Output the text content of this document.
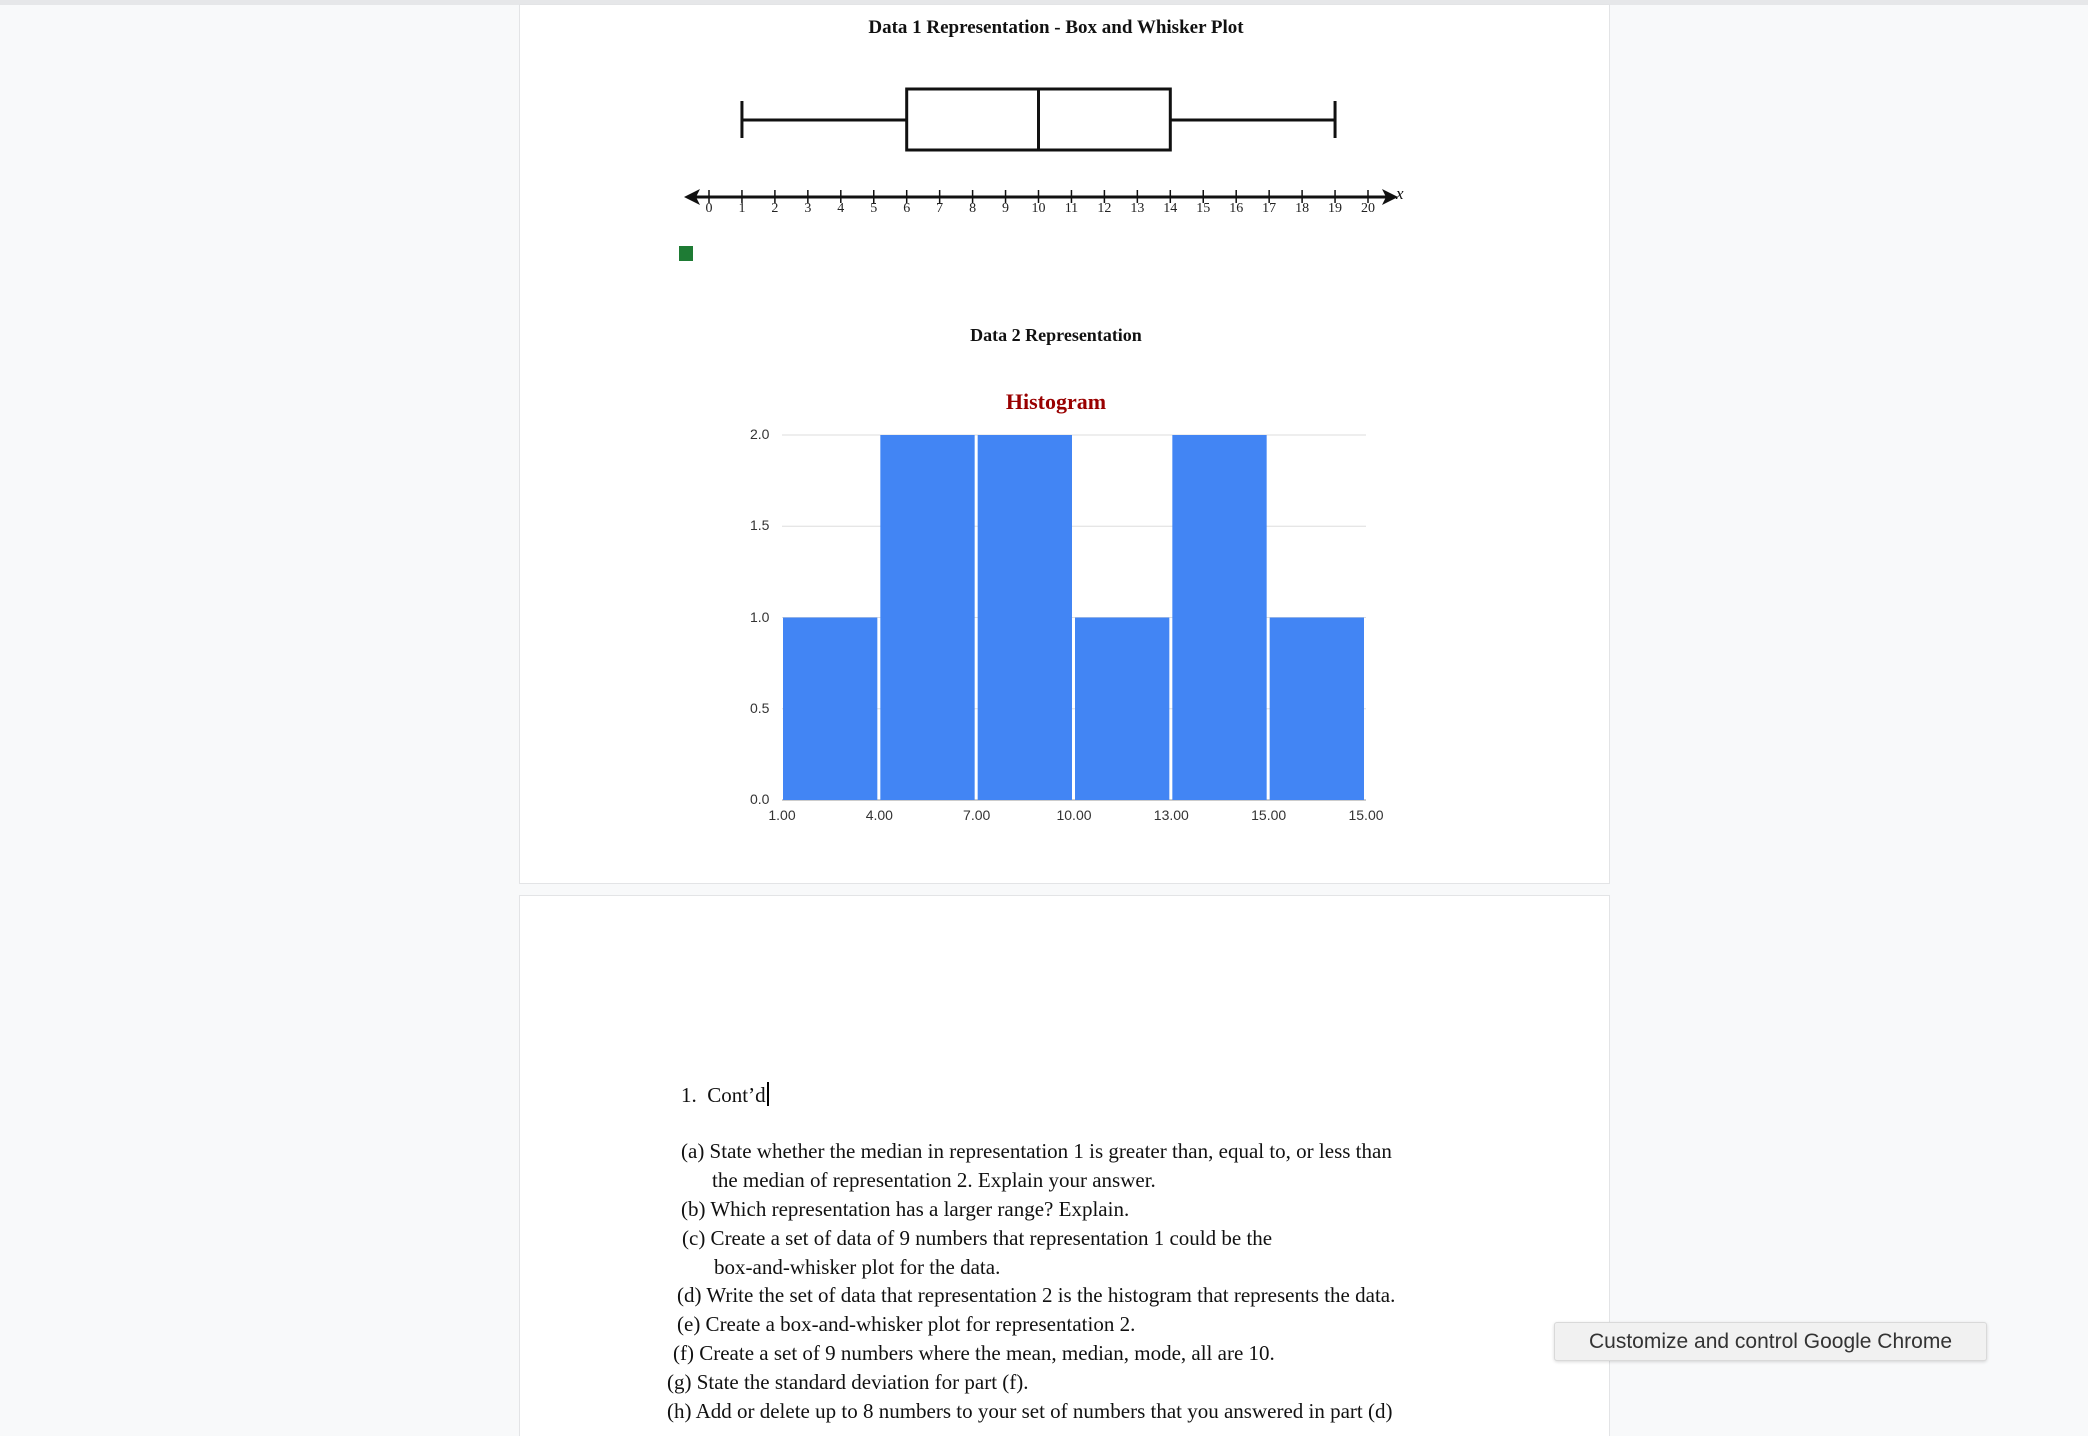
Data 1 Representation - Box and Whisker Plot
0 1 2 3 4 5 6 7 8 9 10 11 12 13 14 15 16 17 18 19 20
x
Data 2 Representation
Histogram
0.0
0.5
1.0
1.5
2.0
1.00	4.00	7.00	10.00	13.00	15.00	15.00
1. Cont’d
(a) State whether the median in representation 1 is greater than, equal to, or less than
the median of representation 2. Explain your answer.
(b) Which representation has a larger range? Explain.
(c) Create a set of data of 9 numbers that representation 1 could be the
box-and-whisker plot for the data.
(d) Write the set of data that representation 2 is the histogram that represents the data.
(e) Create a box-and-whisker plot for representation 2.
(f) Create a set of 9 numbers where the mean, median, mode, all are 10.
(g) State the standard deviation for part (f).
(h) Add or delete up to 8 numbers to your set of numbers that you answered in part (d)
Customize and control Google Chrome
